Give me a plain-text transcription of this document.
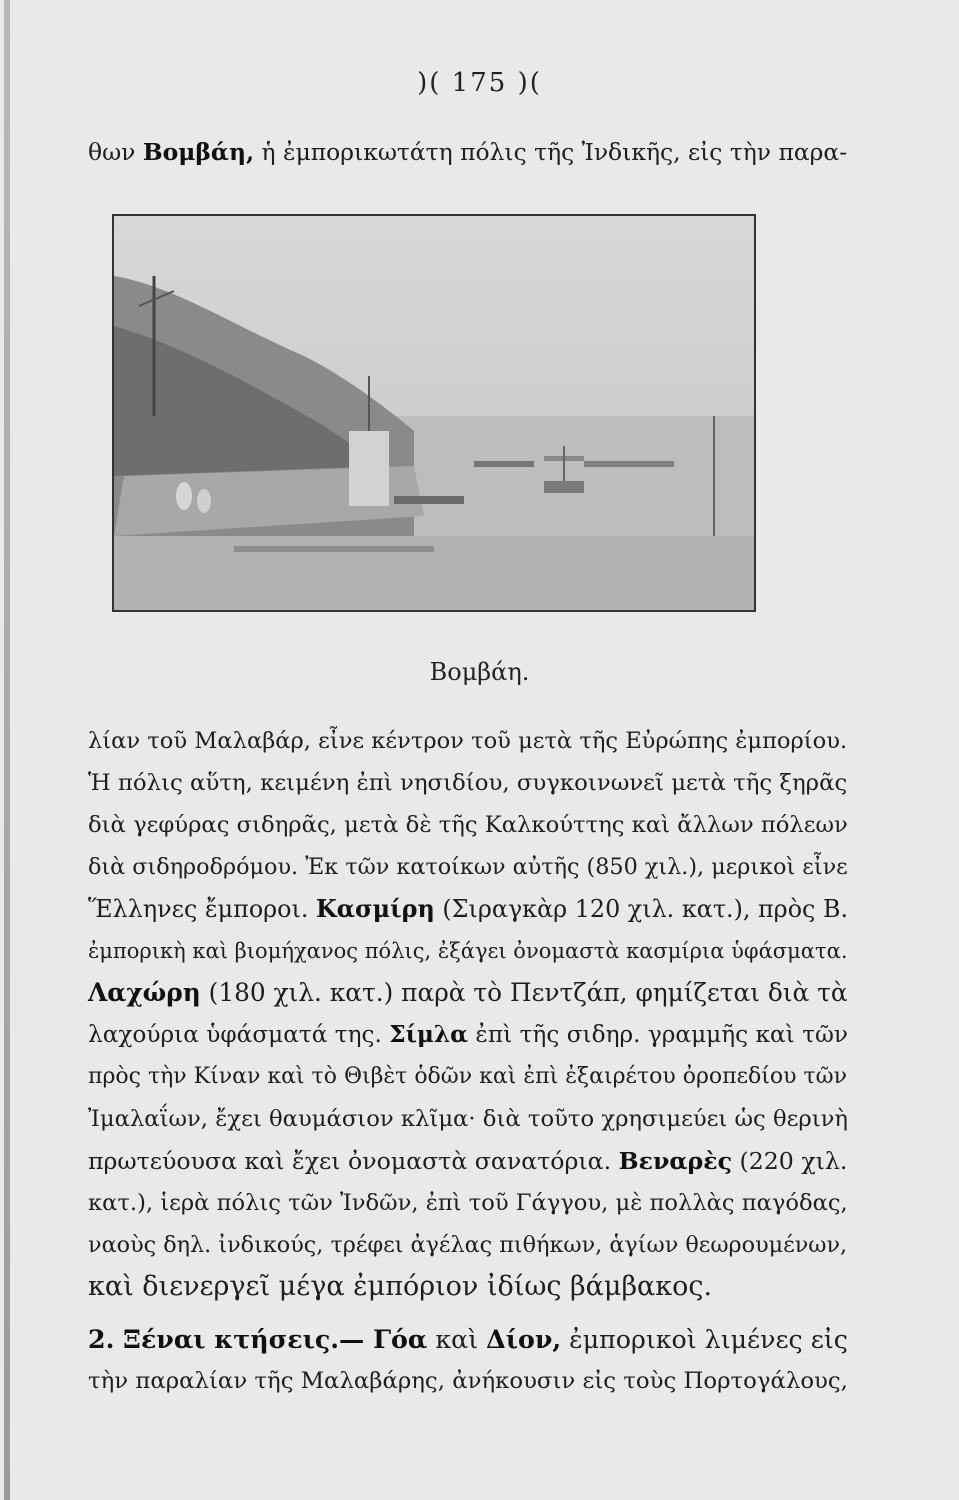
)( 175 )(
θων Βομβάη, ἡ ἐμπορικωτάτη πόλις τῆς Ἰνδικῆς, εἰς τὴν παρα-
Βομβάη.
λίαν τοῦ Μαλαβάρ, εἶνε κέντρον τοῦ μετὰ τῆς Εὐρώπης ἐμπορίου.
Ἡ πόλις αὕτη, κειμένη ἐπὶ νησιδίου, συγκοινωνεῖ μετὰ τῆς ξηρᾶς
διὰ γεφύρας σιδηρᾶς, μετὰ δὲ τῆς Καλκούττης καὶ ἄλλων πόλεων
διὰ σιδηροδρόμου. Ἐκ τῶν κατοίκων αὐτῆς (850 χιλ.), μερικοὶ εἶνε
Ἕλληνες ἔμποροι. Κασμίρη (Σιραγκὰρ 120 χιλ. κατ.), πρὸς Β.
ἐμπορικὴ καὶ βιομήχανος πόλις, ἐξάγει ὀνομαστὰ κασμίρια ὑφάσματα.
Λαχώρη (180 χιλ. κατ.) παρὰ τὸ Πεντζάπ, φημίζεται διὰ τὰ
λαχούρια ὑφάσματά της. Σίμλα ἐπὶ τῆς σιδηρ. γραμμῆς καὶ τῶν
πρὸς τὴν Κίναν καὶ τὸ Θιβὲτ ὁδῶν καὶ ἐπὶ ἐξαιρέτου ὀροπεδίου τῶν
Ἰμαλαΐων, ἔχει θαυμάσιον κλῖμα· διὰ τοῦτο χρησιμεύει ὡς θερινὴ
πρωτεύουσα καὶ ἔχει ὀνομαστὰ σανατόρια. Βεναρὲς (220 χιλ.
κατ.), ἱερὰ πόλις τῶν Ἰνδῶν, ἐπὶ τοῦ Γάγγου, μὲ πολλὰς παγόδας,
ναοὺς δηλ. ἰνδικούς, τρέφει ἀγέλας πιθήκων, ἁγίων θεωρουμένων,
καὶ διενεργεῖ μέγα ἐμπόριον ἰδίως βάμβακος.
2. Ξέναι κτήσεις.— Γόα καὶ Δίον, ἐμπορικοὶ λιμένες εἰς
τὴν παραλίαν τῆς Μαλαβάρης, ἀνήκουσιν εἰς τοὺς Πορτογάλους,
